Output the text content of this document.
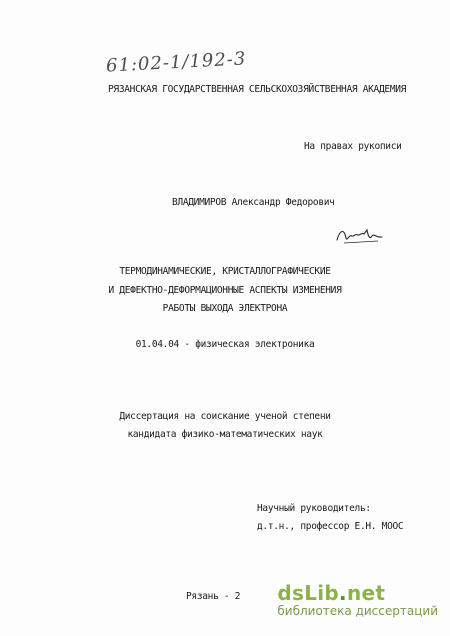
61:02-1/192-3
РЯЗАНСКАЯ ГОСУДАРСТВЕННАЯ СЕЛЬСКОХОЗЯЙСТВЕННАЯ АКАДЕМИЯ
На правах рукописи
ВЛАДИМИРОВ Александр Федорович
ТЕРМОДИНАМИЧЕСКИЕ, КРИСТАЛЛОГРАФИЧЕСКИЕ
И ДЕФЕКТНО-ДЕФОРМАЦИОННЫЕ АСПЕКТЫ ИЗМЕНЕНИЯ
РАБОТЫ ВЫХОДА ЭЛЕКТРОНА
01.04.04 - физическая электроника
Диссертация на соискание ученой степени
кандидата физико-математических наук
Научный руководитель:
д.т.н., профессор Е.Н. МООС
Рязань - 2 dsLib.net
библиотека диссертаций
